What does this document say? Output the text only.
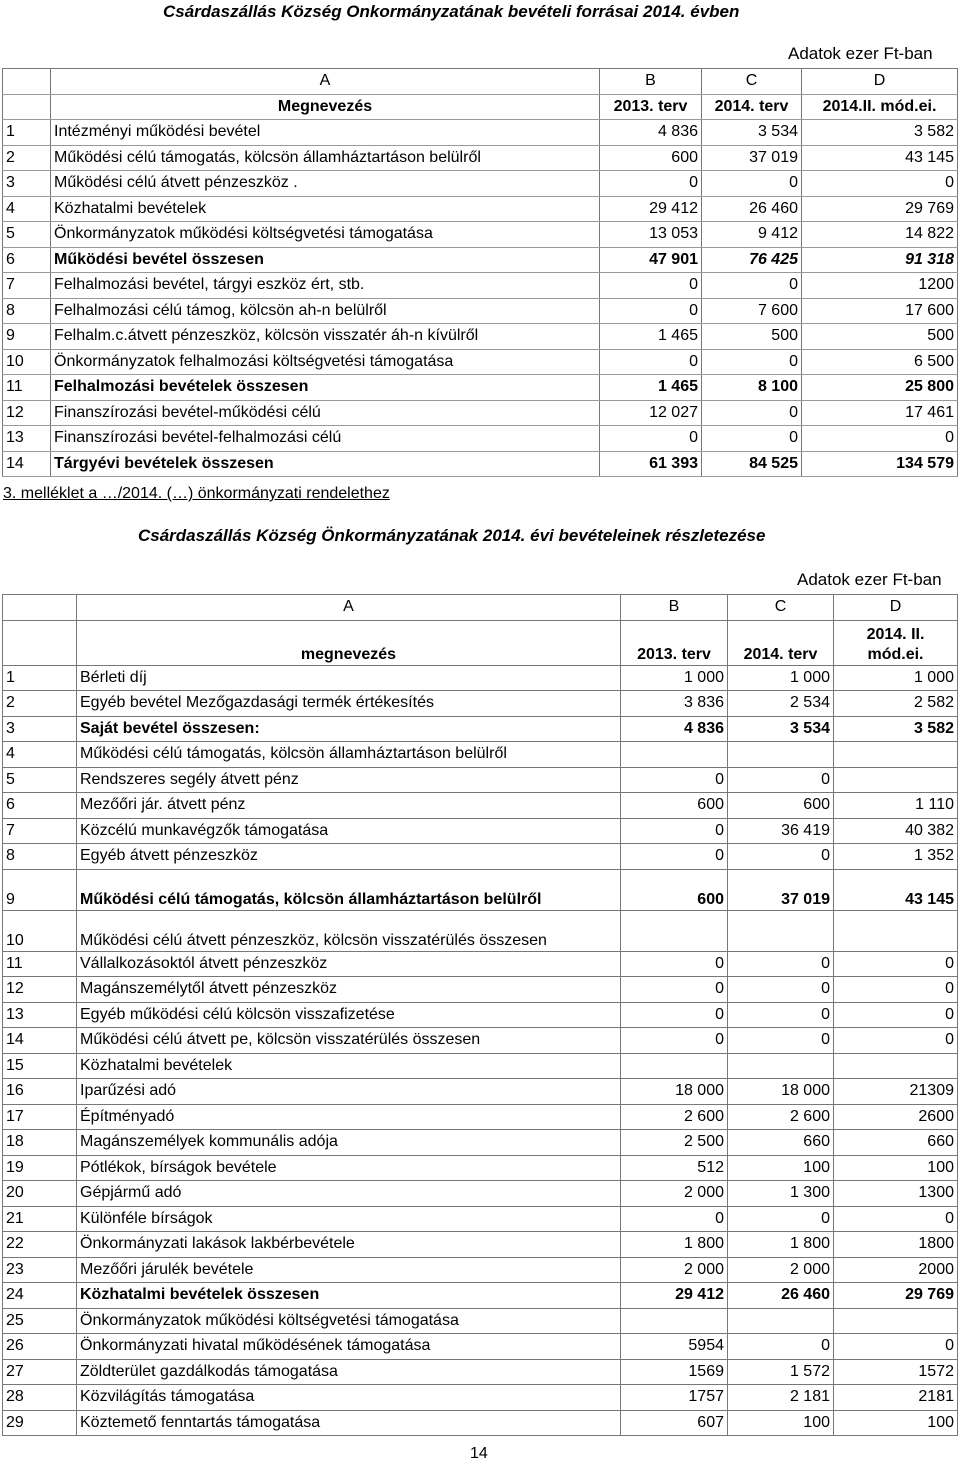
Csárdaszállás Község Onkormányzatának bevételi forrásai 2014. évben
Adatok ezer Ft-ban
	A	B	C	D
	Megnevezés	2013. terv	2014. terv	2014.II. mód.ei.
1	Intézményi működési bevétel	4 836	3 534	3 582
2	Működési célú támogatás, kölcsön államháztartáson belülről	600	37 019	43 145
3	Működési célú átvett pénzeszköz .	0	0	0
4	Közhatalmi bevételek	29 412	26 460	29 769
5	Önkormányzatok működési költségvetési támogatása	13 053	9 412	14 822
6	Működési bevétel összesen	47 901	76 425	91 318
7	Felhalmozási bevétel, tárgyi eszköz ért, stb.	0	0	1200
8	Felhalmozási célú támog, kölcsön ah-n belülről	0	7 600	17 600
9	Felhalm.c.átvett pénzeszköz, kölcsön visszatér áh-n kívülről	1 465	500	500
10	Önkormányzatok felhalmozási költségvetési támogatása	0	0	6 500
11	Felhalmozási bevételek összesen	1 465	8 100	25 800
12	Finanszírozási bevétel-működési célú	12 027	0	17 461
13	Finanszírozási bevétel-felhalmozási célú	0	0	0
14	Tárgyévi bevételek összesen	61 393	84 525	134 579
3. melléklet a …/2014. (…) önkormányzati rendelethez
Csárdaszállás Község Önkormányzatának 2014. évi bevételeinek részletezése
Adatok ezer Ft-ban
	A	B	C	D
	megnevezés	2013. terv	2014. terv	2014. II. mód.ei.
1	Bérleti díj	1 000	1 000	1 000
2	Egyéb bevétel Mezőgazdasági termék értékesítés	3 836	2 534	2 582
3	Saját bevétel összesen:	4 836	3 534	3 582
4	Működési célú támogatás, kölcsön államháztartáson belülről			
5	Rendszeres segély átvett pénz	0	0	
6	Mezőőri jár. átvett pénz	600	600	1 110
7	Közcélú munkavégzők támogatása	0	36 419	40 382
8	Egyéb átvett pénzeszköz	0	0	1 352
9	Működési célú támogatás, kölcsön államháztartáson belülről	600	37 019	43 145
10	Működési célú átvett pénzeszköz, kölcsön visszatérülés összesen			
11	Vállalkozásoktól átvett pénzeszköz	0	0	0
12	Magánszemélytől átvett pénzeszköz	0	0	0
13	Egyéb működési célú kölcsön visszafizetése	0	0	0
14	Működési célú átvett pe, kölcsön visszatérülés összesen	0	0	0
15	Közhatalmi bevételek			
16	Iparűzési adó	18 000	18 000	21309
17	Építményadó	2 600	2 600	2600
18	Magánszemélyek kommunális adója	2 500	660	660
19	Pótlékok, bírságok bevétele	512	100	100
20	Gépjármű adó	2 000	1 300	1300
21	Különféle bírságok	0	0	0
22	Önkormányzati lakások lakbérbevétele	1 800	1 800	1800
23	Mezőőri járulék bevétele	2 000	2 000	2000
24	Közhatalmi bevételek összesen	29 412	26 460	29 769
25	Önkormányzatok működési költségvetési támogatása			
26	Önkormányzati hivatal működésének támogatása	5954	0	0
27	Zöldterület gazdálkodás támogatása	1569	1 572	1572
28	Közvilágítás támogatása	1757	2 181	2181
29	Köztemető fenntartás támogatása	607	100	100
14
